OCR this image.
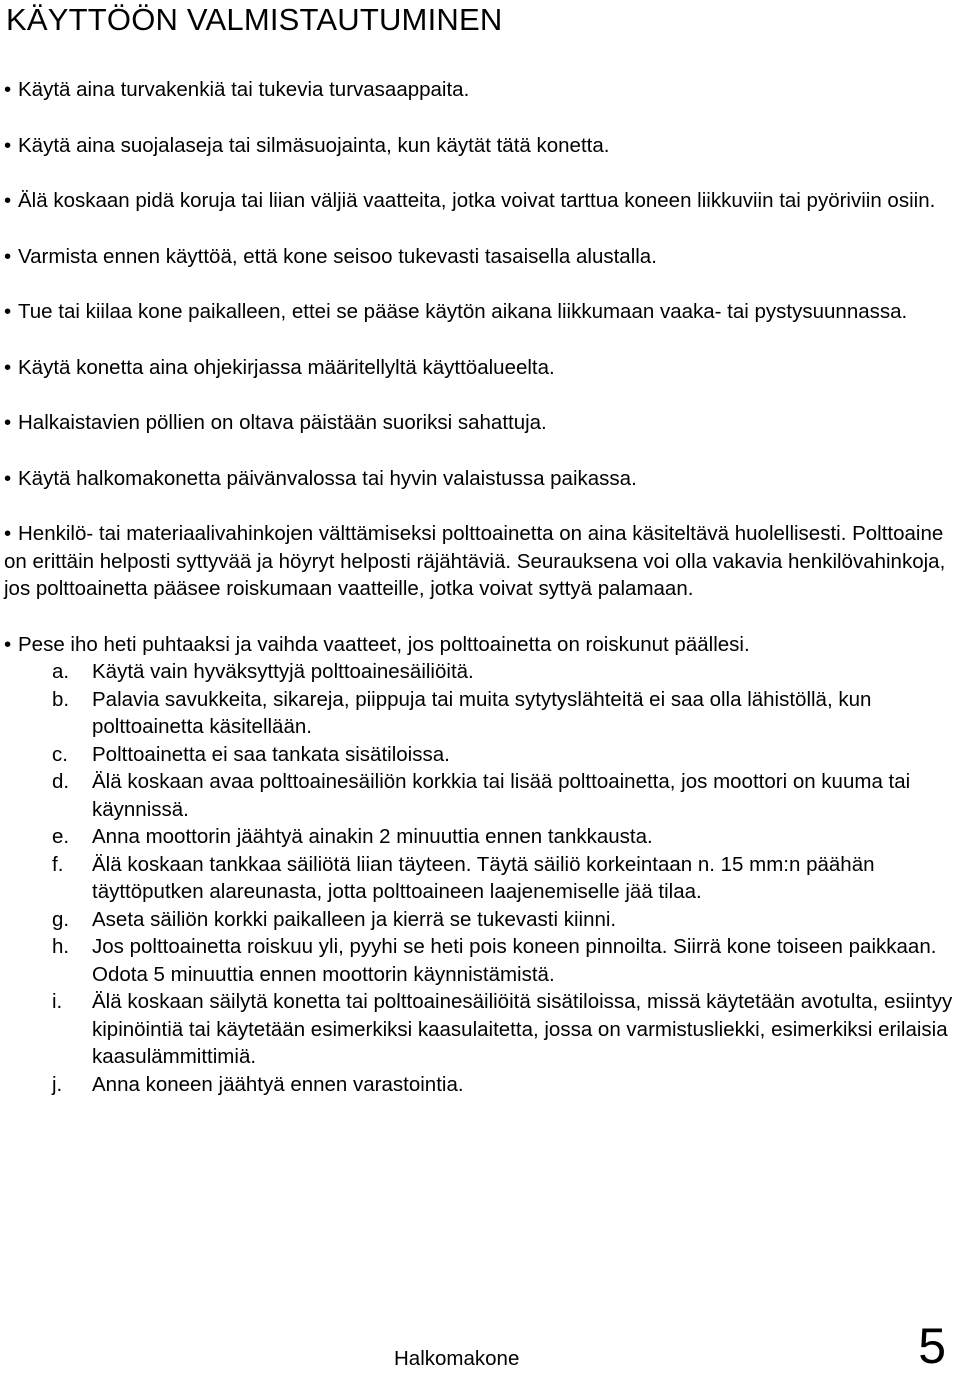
KÄYTTÖÖN VALMISTAUTUMINEN
• Käytä aina turvakenkiä tai tukevia turvasaappaita.
• Käytä aina suojalaseja tai silmäsuojainta, kun käytät tätä konetta.
• Älä koskaan pidä koruja tai liian väljiä vaatteita, jotka voivat tarttua koneen liikkuviin tai pyöriviin osiin.
• Varmista ennen käyttöä, että kone seisoo tukevasti tasaisella alustalla.
• Tue tai kiilaa kone paikalleen, ettei se pääse käytön aikana liikkumaan vaaka- tai pystysuunnassa.
• Käytä konetta aina ohjekirjassa määritellyltä käyttöalueelta.
• Halkaistavien pöllien on oltava päistään suoriksi sahattuja.
• Käytä halkomakonetta päivänvalossa tai hyvin valaistussa paikassa.
• Henkilö- tai materiaalivahinkojen välttämiseksi polttoainetta on aina käsiteltävä huolellisesti. Polttoaine on erittäin helposti syttyvää ja höyryt helposti räjähtäviä. Seurauksena voi olla vakavia henkilövahinkoja, jos polttoainetta pääsee roiskumaan vaatteille, jotka voivat syttyä palamaan.
• Pese iho heti puhtaaksi ja vaihda vaatteet, jos polttoainetta on roiskunut päällesi.
a. Käytä vain hyväksyttyjä polttoainesäiliöitä.
b. Palavia savukkeita, sikareja, piippuja tai muita sytytyslähteitä ei saa olla lähistöllä, kun polttoainetta käsitellään.
c. Polttoainetta ei saa tankata sisätiloissa.
d. Älä koskaan avaa polttoainesäiliön korkkia tai lisää polttoainetta, jos moottori on kuuma tai käynnissä.
e. Anna moottorin jäähtyä ainakin 2 minuuttia ennen tankkausta.
f. Älä koskaan tankkaa säiliötä liian täyteen. Täytä säiliö korkeintaan n. 15 mm:n päähän täyttöputken alareunasta, jotta polttoaineen laajenemiselle jää tilaa.
g. Aseta säiliön korkki paikalleen ja kierrä se tukevasti kiinni.
h. Jos polttoainetta roiskuu yli, pyyhi se heti pois koneen pinnoilta. Siirrä kone toiseen paikkaan. Odota 5 minuuttia ennen moottorin käynnistämistä.
i. Älä koskaan säilytä konetta tai polttoainesäiliöitä sisätiloissa, missä käytetään avotulta, esiintyy kipinöintiä tai käytetään esimerkiksi kaasulaitetta, jossa on varmistusliekki, esimerkiksi erilaisia kaasulämmittimiä.
j. Anna koneen jäähtyä ennen varastointia.
Halkomakone	5
